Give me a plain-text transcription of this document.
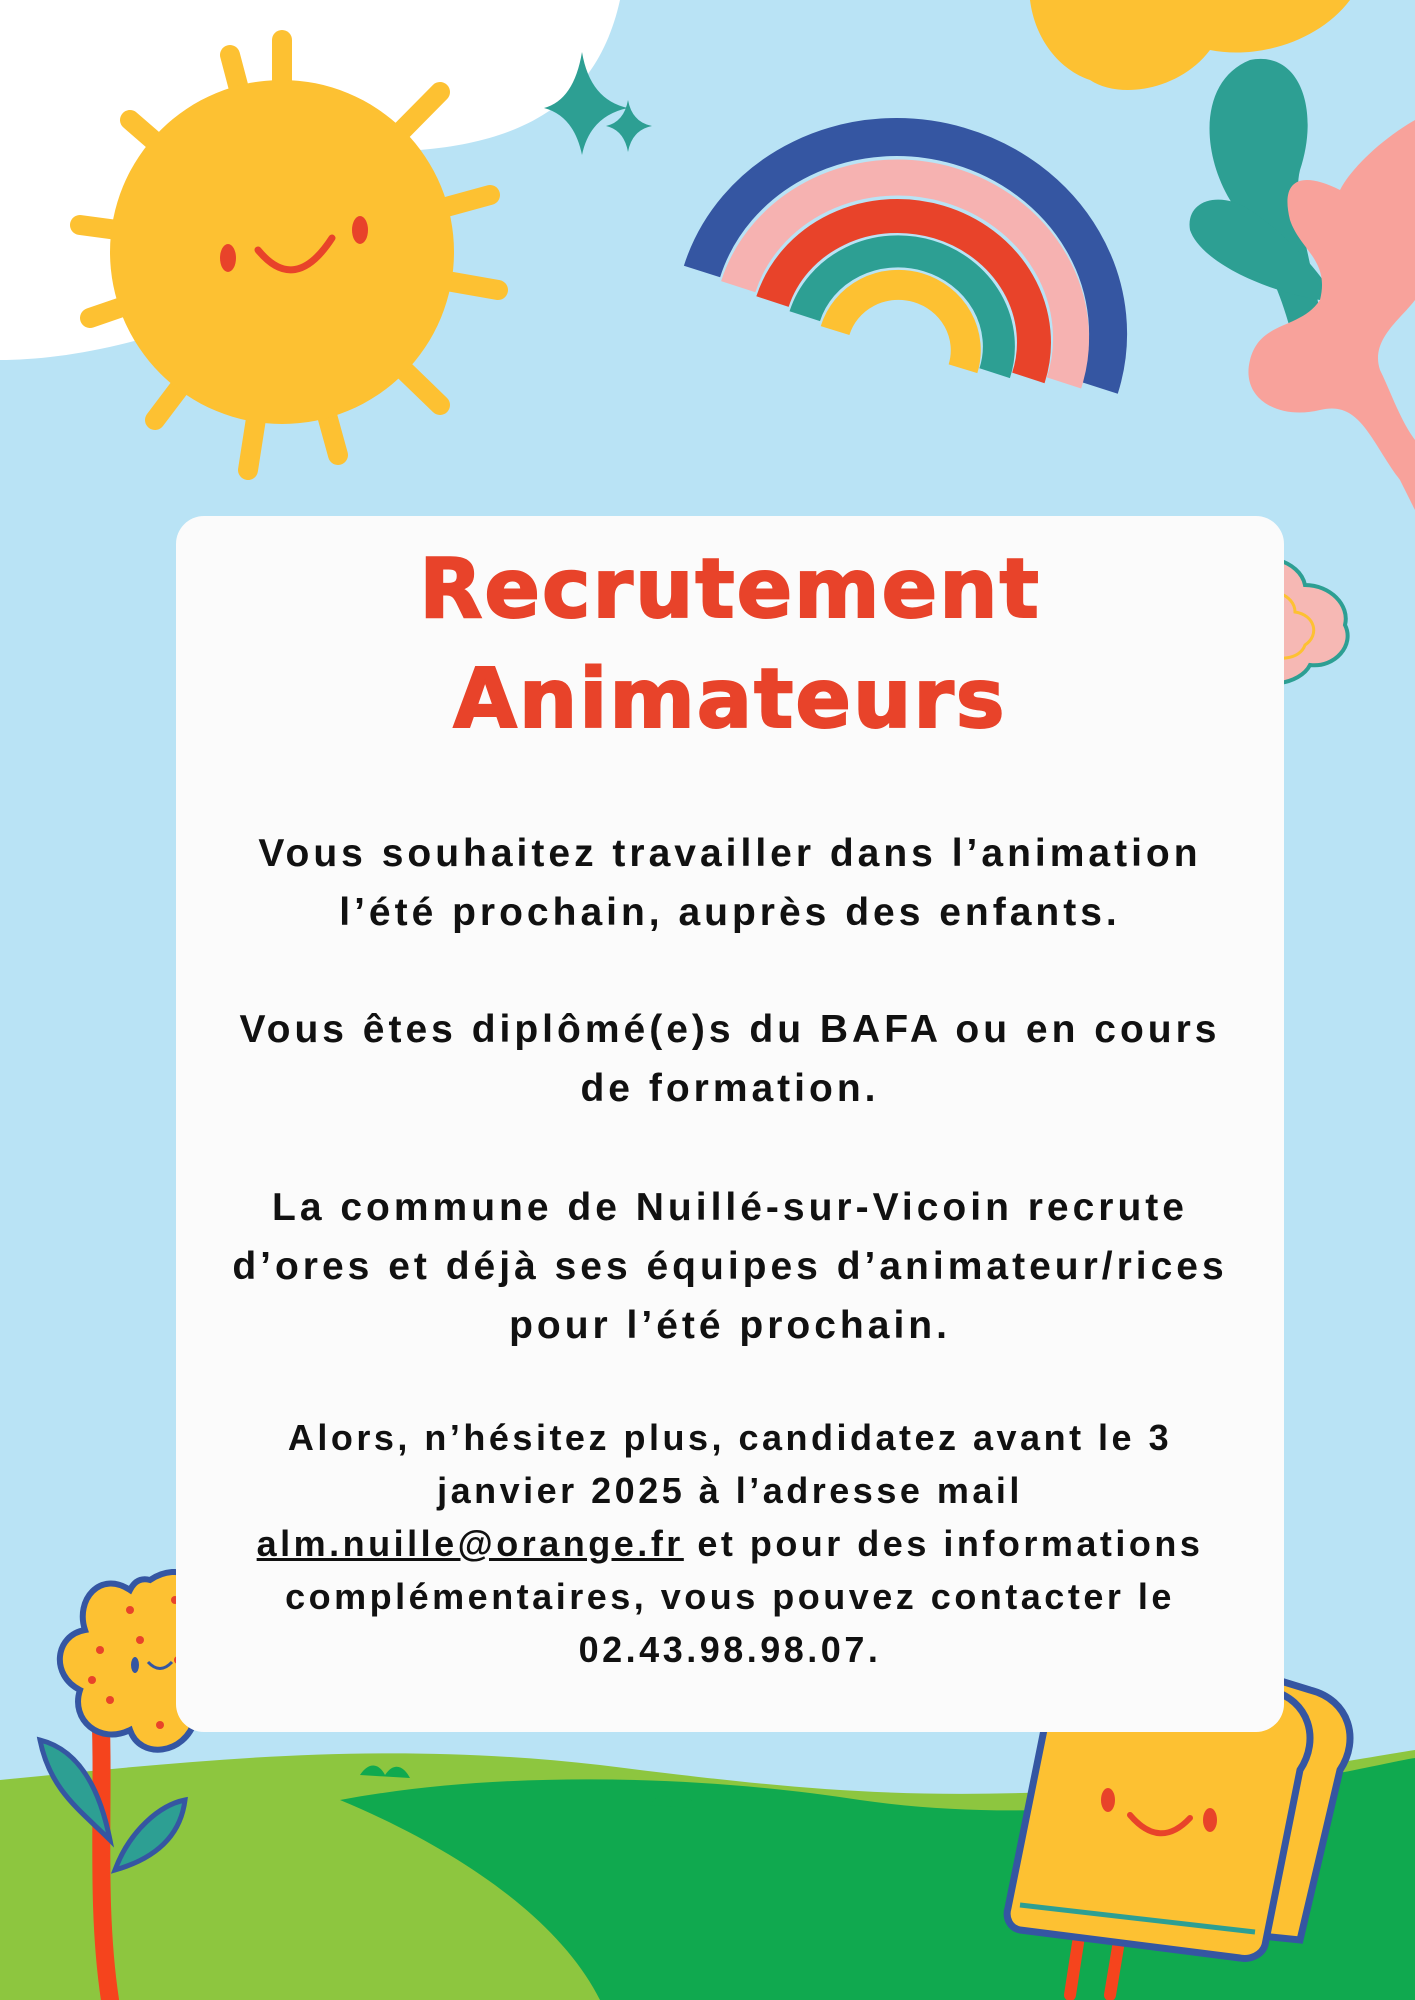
Recrutement
Animateurs
Vous souhaitez travailler dans l’animation
l’été prochain, auprès des enfants.
Vous êtes diplômé(e)s du BAFA ou en cours
de formation.
La commune de Nuillé-sur-Vicoin recrute
d’ores et déjà ses équipes d’animateur/rices
pour l’été prochain.
Alors, n’hésitez plus, candidatez avant le 3
janvier 2025 à l’adresse mail
alm.nuille@orange.fr et pour des informations
complémentaires, vous pouvez contacter le
02.43.98.98.07.
